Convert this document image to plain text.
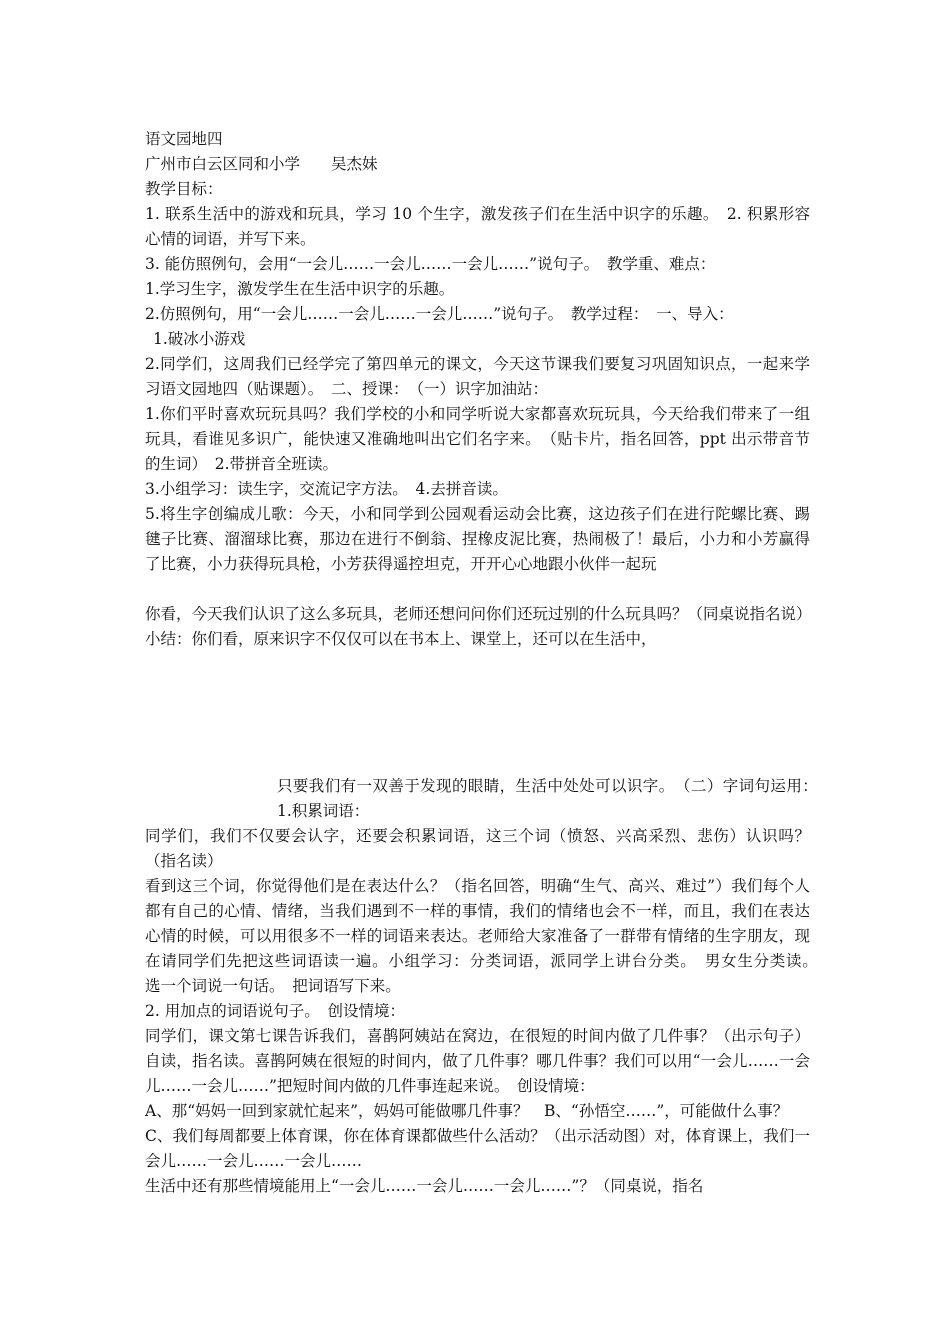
语文园地四

广州市白云区同和小学　　吴杰妹

教学目标：

1. 联系生活中的游戏和玩具，学习 10 个生字，激发孩子们在生活中识字的乐趣。　2. 积累形容心情的词语，并写下来。

3. 能仿照例句，会用“一会儿……一会儿……一会儿……”说句子。　教学重、难点：

1.学习生字，激发学生在生活中识字的乐趣。

2.仿照例句，用“一会儿……一会儿……一会儿……”说句子。　教学过程：　一、导入：

1.破冰小游戏

2.同学们，这周我们已经学完了第四单元的课文，今天这节课我们要复习巩固知识点，一起来学习语文园地四（贴课题）。　二、授课：　（一）识字加油站：

1.你们平时喜欢玩玩具吗？我们学校的小和同学听说大家都喜欢玩玩具，今天给我们带来了一组玩具，看谁见多识广，能快速又准确地叫出它们名字来。　（贴卡片，指名回答，ppt 出示带音节的生词）　2.带拼音全班读。

3.小组学习：读生字，交流记字方法。　4.去拼音读。

5.将生字创编成儿歌：今天，小和同学到公园观看运动会比赛，这边孩子们在进行陀螺比赛、踢毽子比赛、溜溜球比赛，那边在进行不倒翁、捏橡皮泥比赛，热闹极了！最后，小力和小芳赢得了比赛，小力获得玩具枪，小芳获得遥控坦克，开开心心地跟小伙伴一起玩

你看，今天我们认识了这么多玩具，老师还想问问你们还玩过别的什么玩具吗？（同桌说指名说）

小结：你们看，原来识字不仅仅可以在书本上、课堂上，还可以在生活中，

只要我们有一双善于发现的眼睛，生活中处处可以识字。　（二）字词句运用：　1.积累词语：

同学们，我们不仅要会认字，还要会积累词语，这三个词（愤怒、兴高采烈、悲伤）认识吗？（指名读）

看到这三个词，你觉得他们是在表达什么？（指名回答，明确“生气、高兴、难过”）我们每个人都有自己的心情、情绪，当我们遇到不一样的事情，我们的情绪也会不一样，而且，我们在表达心情的时候，可以用很多不一样的词语来表达。老师给大家准备了一群带有情绪的生字朋友，现在请同学们先把这些词语读一遍。小组学习：分类词语，派同学上讲台分类。　男女生分类读。　选一个词说一句话。　把词语写下来。

2. 用加点的词语说句子。　创设情境：

同学们，课文第七课告诉我们，喜鹊阿姨站在窝边，在很短的时间内做了几件事？（出示句子）自读，指名读。喜鹊阿姨在很短的时间内，做了几件事？哪几件事？我们可以用“一会儿……一会儿……一会儿……”把短时间内做的几件事连起来说。　创设情境：

A、那“妈妈一回到家就忙起来”，妈妈可能做哪几件事？　B、“孙悟空……”，可能做什么事？

C、我们每周都要上体育课，你在体育课都做些什么活动？（出示活动图）对，体育课上，我们一会儿……一会儿……一会儿……

生活中还有那些情境能用上“一会儿……一会儿……一会儿……”？（同桌说，指名
